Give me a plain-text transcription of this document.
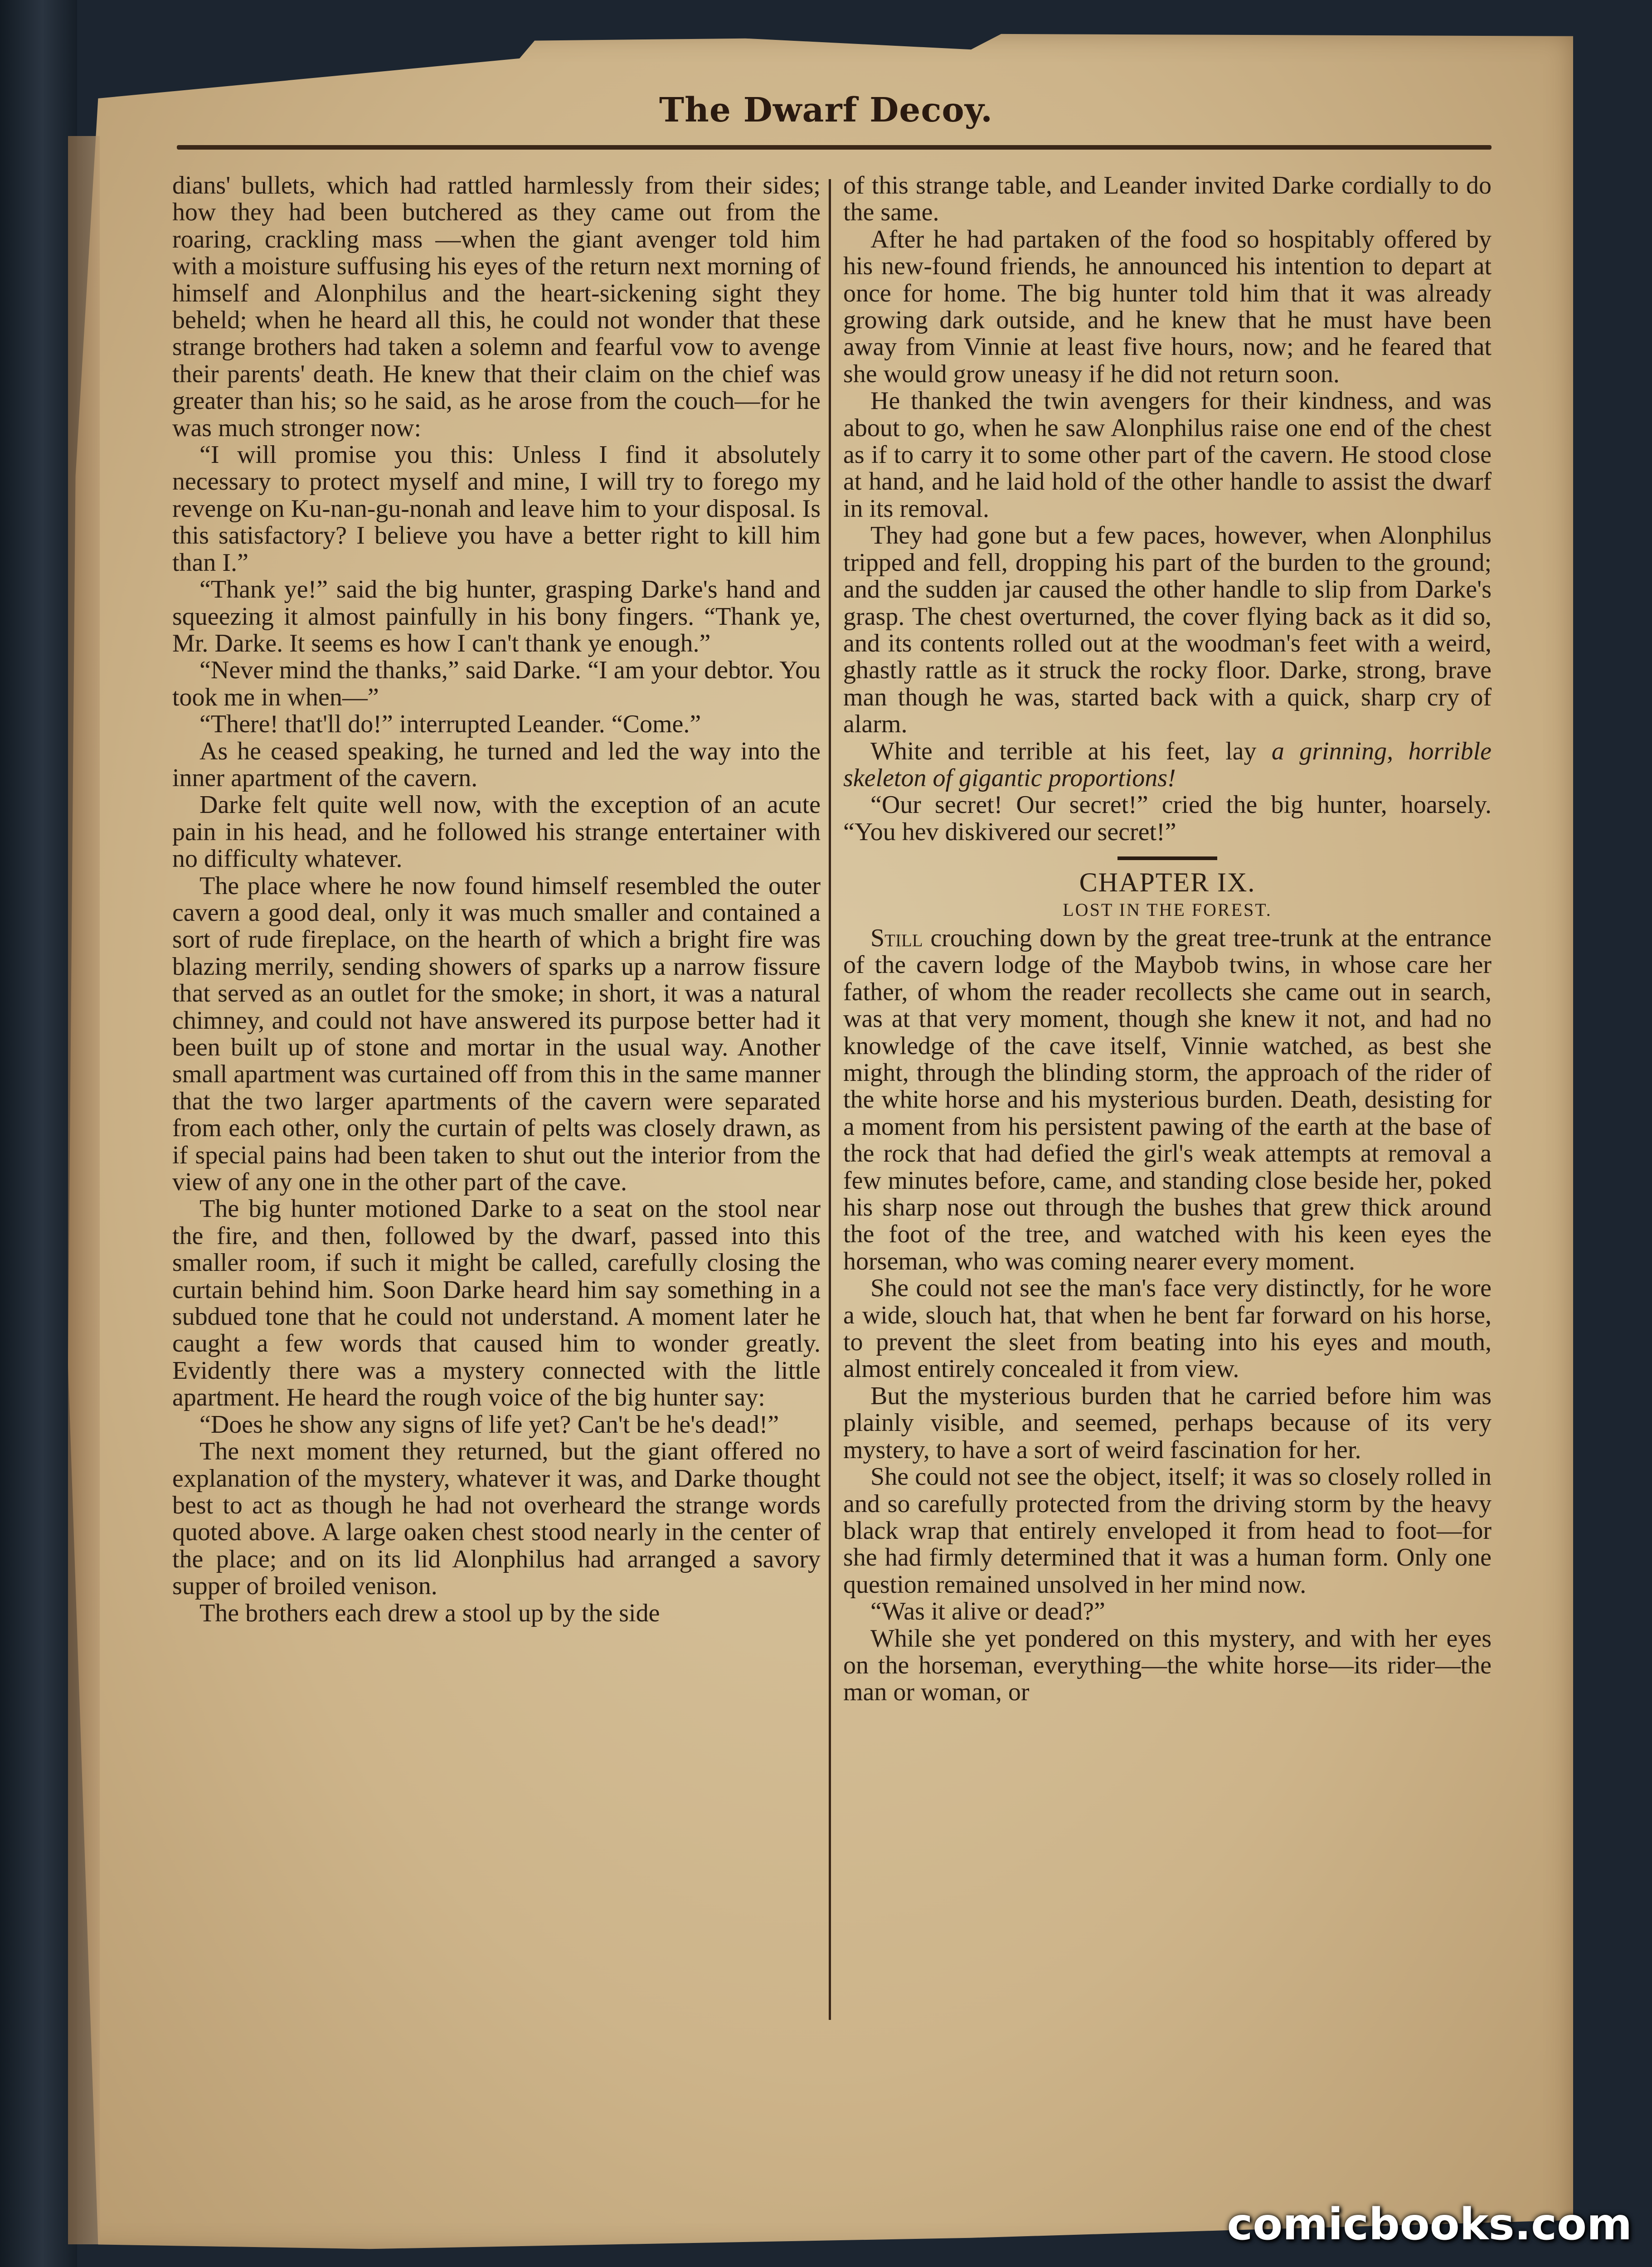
The Dwarf Decoy.

dians' bullets, which had rattled harmlessly from their sides; how they had been butchered as they came out from the roaring, crackling mass —when the giant avenger told him with a moisture suffusing his eyes of the return next morning of himself and Alonphilus and the heart-sickening sight they beheld; when he heard all this, he could not wonder that these strange brothers had taken a solemn and fearful vow to avenge their parents' death. He knew that their claim on the chief was greater than his; so he said, as he arose from the couch—for he was much stronger now:

“I will promise you this: Unless I find it absolutely necessary to protect myself and mine, I will try to forego my revenge on Ku-nan-gu-nonah and leave him to your disposal. Is this satisfactory? I believe you have a better right to kill him than I.”

“Thank ye!” said the big hunter, grasping Darke's hand and squeezing it almost painfully in his bony fingers. “Thank ye, Mr. Darke. It seems es how I can't thank ye enough.”

“Never mind the thanks,” said Darke. “I am your debtor. You took me in when—”

“There! that'll do!” interrupted Leander. “Come.”

As he ceased speaking, he turned and led the way into the inner apartment of the cavern.

Darke felt quite well now, with the exception of an acute pain in his head, and he followed his strange entertainer with no difficulty whatever.

The place where he now found himself resembled the outer cavern a good deal, only it was much smaller and contained a sort of rude fireplace, on the hearth of which a bright fire was blazing merrily, sending showers of sparks up a narrow fissure that served as an outlet for the smoke; in short, it was a natural chimney, and could not have answered its purpose better had it been built up of stone and mortar in the usual way. Another small apartment was curtained off from this in the same manner that the two larger apartments of the cavern were separated from each other, only the curtain of pelts was closely drawn, as if special pains had been taken to shut out the interior from the view of any one in the other part of the cave.

The big hunter motioned Darke to a seat on the stool near the fire, and then, followed by the dwarf, passed into this smaller room, if such it might be called, carefully closing the curtain behind him. Soon Darke heard him say something in a subdued tone that he could not understand. A moment later he caught a few words that caused him to wonder greatly. Evidently there was a mystery connected with the little apartment. He heard the rough voice of the big hunter say:

“Does he show any signs of life yet? Can't be he's dead!”

The next moment they returned, but the giant offered no explanation of the mystery, whatever it was, and Darke thought best to act as though he had not overheard the strange words quoted above. A large oaken chest stood nearly in the center of the place; and on its lid Alonphilus had arranged a savory supper of broiled venison.

The brothers each drew a stool up by the side

of this strange table, and Leander invited Darke cordially to do the same.

After he had partaken of the food so hospitably offered by his new-found friends, he announced his intention to depart at once for home. The big hunter told him that it was already growing dark outside, and he knew that he must have been away from Vinnie at least five hours, now; and he feared that she would grow uneasy if he did not return soon.

He thanked the twin avengers for their kindness, and was about to go, when he saw Alonphilus raise one end of the chest as if to carry it to some other part of the cavern. He stood close at hand, and he laid hold of the other handle to assist the dwarf in its removal.

They had gone but a few paces, however, when Alonphilus tripped and fell, dropping his part of the burden to the ground; and the sudden jar caused the other handle to slip from Darke's grasp. The chest overturned, the cover flying back as it did so, and its contents rolled out at the woodman's feet with a weird, ghastly rattle as it struck the rocky floor. Darke, strong, brave man though he was, started back with a quick, sharp cry of alarm.

White and terrible at his feet, lay a grinning, horrible skeleton of gigantic proportions!

“Our secret! Our secret!” cried the big hunter, hoarsely. “You hev diskivered our secret!”

CHAPTER IX.

LOST IN THE FOREST.

Still crouching down by the great tree-trunk at the entrance of the cavern lodge of the Maybob twins, in whose care her father, of whom the reader recollects she came out in search, was at that very moment, though she knew it not, and had no knowledge of the cave itself, Vinnie watched, as best she might, through the blinding storm, the approach of the rider of the white horse and his mysterious burden. Death, desisting for a moment from his persistent pawing of the earth at the base of the rock that had defied the girl's weak attempts at removal a few minutes before, came, and standing close beside her, poked his sharp nose out through the bushes that grew thick around the foot of the tree, and watched with his keen eyes the horseman, who was coming nearer every moment.

She could not see the man's face very distinctly, for he wore a wide, slouch hat, that when he bent far forward on his horse, to prevent the sleet from beating into his eyes and mouth, almost entirely concealed it from view.

But the mysterious burden that he carried before him was plainly visible, and seemed, perhaps because of its very mystery, to have a sort of weird fascination for her.

She could not see the object, itself; it was so closely rolled in and so carefully protected from the driving storm by the heavy black wrap that entirely enveloped it from head to foot—for she had firmly determined that it was a human form. Only one question remained unsolved in her mind now.

“Was it alive or dead?”

While she yet pondered on this mystery, and with her eyes on the horseman, everything—the white horse—its rider—the man or woman, or

comicbooks.com
